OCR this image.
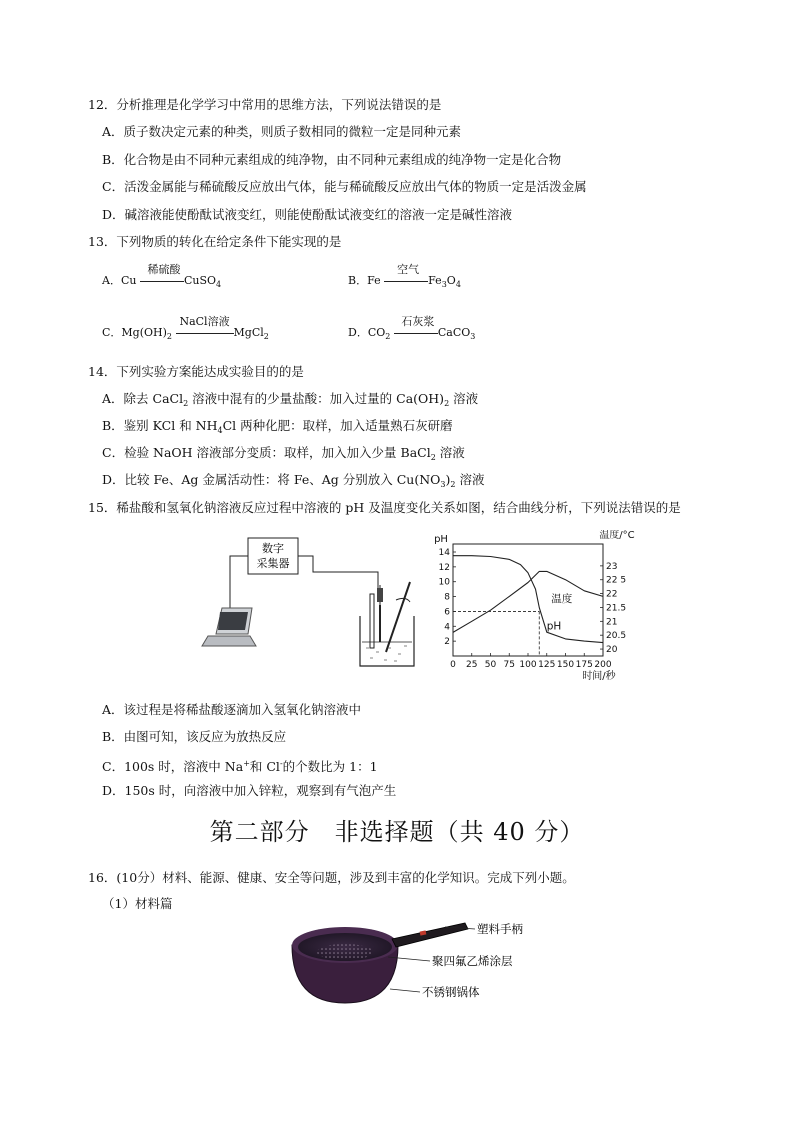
12．分析推理是化学学习中常用的思维方法，下列说法错误的是
A．质子数决定元素的种类，则质子数相同的微粒一定是同种元素
B．化合物是由不同种元素组成的纯净物，由不同种元素组成的纯净物一定是化合物
C．活泼金属能与稀硫酸反应放出气体，能与稀硫酸反应放出气体的物质一定是活泼金属
D．碱溶液能使酚酞试液变红，则能使酚酞试液变红的溶液一定是碱性溶液
13．下列物质的转化在给定条件下能实现的是
A．Cu
稀硫酸
CuSO$_4$	B．Fe
空气
$Fe_3O_4$
C．$Mg(OH)_2$
NaCl溶液
MgCl$_2$	D．$CO_2$
石灰浆
CaCO$_3$
14．下列实验方案能达成实验目的的是
A．除去 CaCl$_2$ 溶液中混有的少量盐酸：加入过量的 $Ca(OH)_2$ 溶液
B．鉴别 KCl 和 $NH_4Cl$ 两种化肥：取样，加入适量熟石灰研磨
C．检验 NaOH 溶液部分变质：取样，加入加入少量 BaCl$_2$ 溶液
D．比较 Fe、Ag 金属活动性：将 Fe、Ag 分别放入 $Cu(NO_3)_2$ 溶液
15．稀盐酸和氢氧化钠溶液反应过程中溶液的 pH 及温度变化关系如图，结合曲线分析，下列说法错误的是
数字
采集器
0 25 50 75 100 125 150 175 200
2
4
6
8
10
12
14
20
20.5
21
21.5
22
22 5
23
pH	温度/°C
时间/秒
温度
pH
A．该过程是将稀盐酸逐滴加入氢氧化钠溶液中
B．由图可知，该反应为放热反应
C．100s 时，溶液中 Na+和 Cl-的个数比为 1：1
D．150s 时，向溶液中加入锌粒，观察到有气泡产生
第二部分　非选择题（共 40 分）
16．(10分）材料、能源、健康、安全等问题，涉及到丰富的化学知识。完成下列小题。
（1）材料篇
塑料手柄
聚四氟乙烯涂层
不锈钢锅体
